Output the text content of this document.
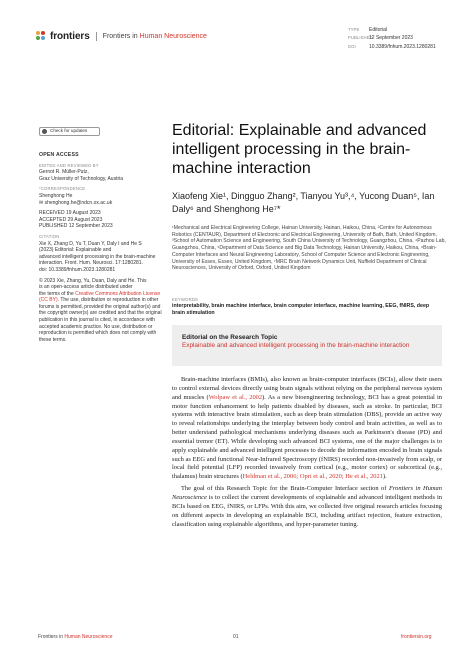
frontiers Frontiers in Human Neuroscience
TYPE Editorial
PUBLISHED12 September 2023
DOI	10.3389/fnhum.2023.1280281
Check for updates
OPEN ACCESS
EDITED AND REVIEWED BY
Gernot R. Müller-Putz,
Graz University of Technology, Austria
*CORRESPONDENCE
Shenghong He
✉ shenghong.he@ndcn.ox.ac.uk
RECEIVED 19 August 2023
ACCEPTED 29 August 2023
PUBLISHED 12 September 2023
CITATION
Xie X, Zhang D, Yu T, Duan Y, Daly I and He S
(2023) Editorial: Explainable and
advanced intelligent processing in the brain-machine
interaction. Front. Hum. Neurosci. 17:1280281.
doi: 10.3389/fnhum.2023.1280281
© 2023 Xie, Zhang, Yu, Duan, Daly and He. This
is an open-access article distributed under
the terms of the Creative Commons Attribution License (CC BY). The use, distribution or reproduction in other forums is permitted, provided the original author(s) and the copyright owner(s) are credited and that the original publication in this journal is cited, in accordance with accepted academic practice. No use, distribution or reproduction is permitted which does not comply with these terms.
Editorial: Explainable and advanced intelligent processing in the brain-machine interaction
Xiaofeng Xie¹, Dingguo Zhang², Tianyou Yu³,⁴, Yucong Duan⁵, Ian Daly⁶ and Shenghong He⁷*
¹Mechanical and Electrical Engineering College, Hainan University, Hainan, Haikou, China, ²Centre for Autonomous Robotics (CENTAUR), Department of Electronic and Electrical Engineering, University of Bath, Bath, United Kingdom, ³School of Automation Science and Engineering, South China University of Technology, Guangzhou, China, ⁴Pazhou Lab, Guangzhou, China, ⁵Department of Data Science and Big Data Technology, Hainan University, Haikou, China, ⁶Brain-Computer Interfaces and Neural Engineering Laboratory, School of Computer Science and Electronic Engineering, University of Essex, Essex, United Kingdom, ⁷MRC Brain Network Dynamics Unit, Nuffield Department of Clinical Neurosciences, University of Oxford, Oxford, United Kingdom
KEYWORDS
interpretability, brain machine interface, brain computer interface, machine learning, EEG, fNIRS, deep brain stimulation
Editorial on the Research Topic
Explainable and advanced intelligent processing in the brain-machine interaction

Brain-machine interfaces (BMIs), also known as brain-computer interfaces (BCIs), allow their users to control external devices directly using brain signals without relying on the peripheral nervous system and muscles (Wolpaw et al., 2002). As a new bioengineering technology, BCI has a great potential in motor function enhancement to help patients disabled by diseases, such as stroke. In particular, BCI systems with interactive brain stimulation, such as deep brain stimulation (DBS), provide an active way to reveal relationships underlying the interplay between body control and brain activities, as well as to better understand pathological mechanisms underlying diseases such as Parkinson's disease (PD) and essential tremor (ET). While developing such advanced BCI systems, one of the major challenges is to apply explainable and advanced intelligent processes to decode the information encoded in brain signals such as EEG and functional Near-Infrared Spectroscopy (fNIRS) recorded non-invasively from scalp, or local field potential (LFP) recorded invasively from cortical (e.g., motor cortex) or subcortical (e.g., thalamus) brain structures (Heldman et al., 2006; Opri et al., 2020; He et al., 2021).

The goal of this Research Topic for the Brain-Computer Interface section of Frontiers in Human Neuroscience is to collect the current developments of explainable and advanced intelligent methods in BCIs based on EEG, fNIRS, or LFPs. With this aim, we collected five original research articles focusing on different aspects in developing an explainable BCI, including artifact rejection, feature extraction, classification using explainable algorithms, and hyper-parameter tuning.

Frontiers in Human Neuroscience	01	frontiersin.org
